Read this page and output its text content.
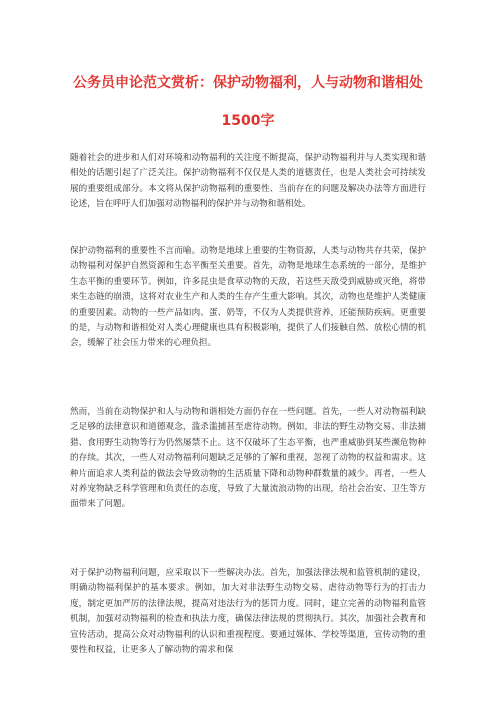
公务员申论范文赏析：保护动物福利，人与动物和谐相处1500字

随着社会的进步和人们对环境和动物福利的关注度不断提高，保护动物福利并与人类实现和谐相处的话题引起了广泛关注。保护动物福利不仅仅是人类的道德责任，也是人类社会可持续发展的重要组成部分。本文将从保护动物福利的重要性、当前存在的问题及解决办法等方面进行论述，旨在呼吁人们加强对动物福利的保护并与动物和谐相处。

保护动物福利的重要性不言而喻。动物是地球上重要的生物资源，人类与动物共存共荣，保护动物福利对保护自然资源和生态平衡至关重要。首先，动物是地球生态系统的一部分，是维护生态平衡的重要环节。例如，许多昆虫是食草动物的天敌，若这些天敌受到威胁或灭绝，将带来生态链的崩溃，这将对农业生产和人类的生存产生重大影响。其次，动物也是维护人类健康的重要因素。动物的一些产品如肉、蛋、奶等，不仅为人类提供营养，还能预防疾病。更重要的是，与动物和谐相处对人类心理健康也具有积极影响，提供了人们接触自然、放松心情的机会，缓解了社会压力带来的心理负担。

然而，当前在动物保护和人与动物和谐相处方面仍存在一些问题。首先，一些人对动物福利缺乏足够的法律意识和道德观念，滥杀滥捕甚至虐待动物。例如，非法的野生动物交易、非法捕猎、食用野生动物等行为仍然屡禁不止。这不仅破坏了生态平衡，也严重威胁到某些濒危物种的存续。其次，一些人对动物福利问题缺乏足够的了解和重视，忽视了动物的权益和需求。这种片面追求人类利益的做法会导致动物的生活质量下降和动物种群数量的减少。再者，一些人对养宠物缺乏科学管理和负责任的态度，导致了大量流浪动物的出现，给社会治安、卫生等方面带来了问题。

对于保护动物福利问题，应采取以下一些解决办法。首先，加强法律法规和监管机制的建设，明确动物福利保护的基本要求。例如，加大对非法野生动物交易、虐待动物等行为的打击力度，制定更加严厉的法律法规，提高对违法行为的惩罚力度。同时，建立完善的动物福利监管机制，加强对动物福利的检查和执法力度，确保法律法规的贯彻执行。其次，加强社会教育和宣传活动，提高公众对动物福利的认识和重视程度。要通过媒体、学校等渠道，宣传动物的重要性和权益，让更多人了解动物的需求和保
